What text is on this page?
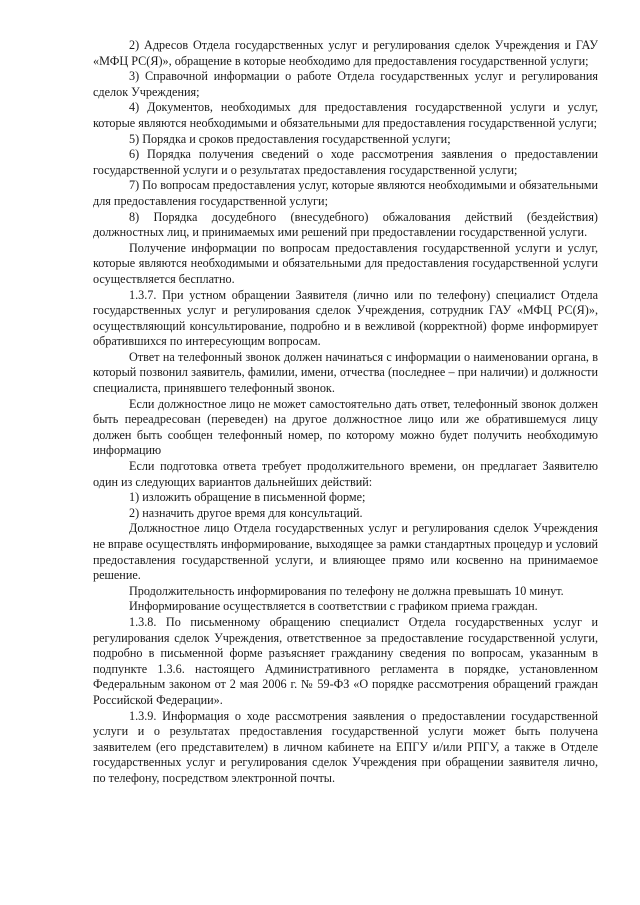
2) Адресов Отдела государственных услуг и регулирования сделок Учреждения и ГАУ «МФЦ РС(Я)», обращение в которые необходимо для предоставления государственной услуги;

3) Справочной информации о работе Отдела государственных услуг и регулирования сделок Учреждения;

4) Документов, необходимых для предоставления государственной услуги и услуг, которые являются необходимыми и обязательными для предоставления государственной услуги;

5) Порядка и сроков предоставления государственной услуги;

6) Порядка получения сведений о ходе рассмотрения заявления о предоставлении государственной услуги и о результатах предоставления государственной услуги;

7) По вопросам предоставления услуг, которые являются необходимыми и обязательными для предоставления государственной услуги;

8) Порядка досудебного (внесудебного) обжалования действий (бездействия) должностных лиц, и принимаемых ими решений при предоставлении государственной услуги.

Получение информации по вопросам предоставления государственной услуги и услуг, которые являются необходимыми и обязательными для предоставления государственной услуги осуществляется бесплатно.

1.3.7. При устном обращении Заявителя (лично или по телефону) специалист Отдела государственных услуг и регулирования сделок Учреждения, сотрудник ГАУ «МФЦ РС(Я)», осуществляющий консультирование, подробно и в вежливой (корректной) форме информирует обратившихся по интересующим вопросам.

Ответ на телефонный звонок должен начинаться с информации о наименовании органа, в который позвонил заявитель, фамилии, имени, отчества (последнее – при наличии) и должности специалиста, принявшего телефонный звонок.

Если должностное лицо не может самостоятельно дать ответ, телефонный звонок должен быть переадресован (переведен) на другое должностное лицо или же обратившемуся лицу должен быть сообщен телефонный номер, по которому можно будет получить необходимую информацию

Если подготовка ответа требует продолжительного времени, он предлагает Заявителю один из следующих вариантов дальнейших действий:

1) изложить обращение в письменной форме;

2) назначить другое время для консультаций.

Должностное лицо Отдела государственных услуг и регулирования сделок Учреждения не вправе осуществлять информирование, выходящее за рамки стандартных процедур и условий предоставления государственной услуги, и влияющее прямо или косвенно на принимаемое решение.

Продолжительность информирования по телефону не должна превышать 10 минут.

Информирование осуществляется в соответствии с графиком приема граждан.

1.3.8. По письменному обращению специалист Отдела государственных услуг и регулирования сделок Учреждения, ответственное за предоставление государственной услуги, подробно в письменной форме разъясняет гражданину сведения по вопросам, указанным в подпункте 1.3.6. настоящего Административного регламента в порядке, установленном Федеральным законом от 2 мая 2006 г. № 59-ФЗ «О порядке рассмотрения обращений граждан Российской Федерации».

1.3.9. Информация о ходе рассмотрения заявления о предоставлении государственной услуги и о результатах предоставления государственной услуги может быть получена заявителем (его представителем) в личном кабинете на ЕПГУ и/или РПГУ, а также в Отделе государственных услуг и регулирования сделок Учреждения при обращении заявителя лично, по телефону, посредством электронной почты.
